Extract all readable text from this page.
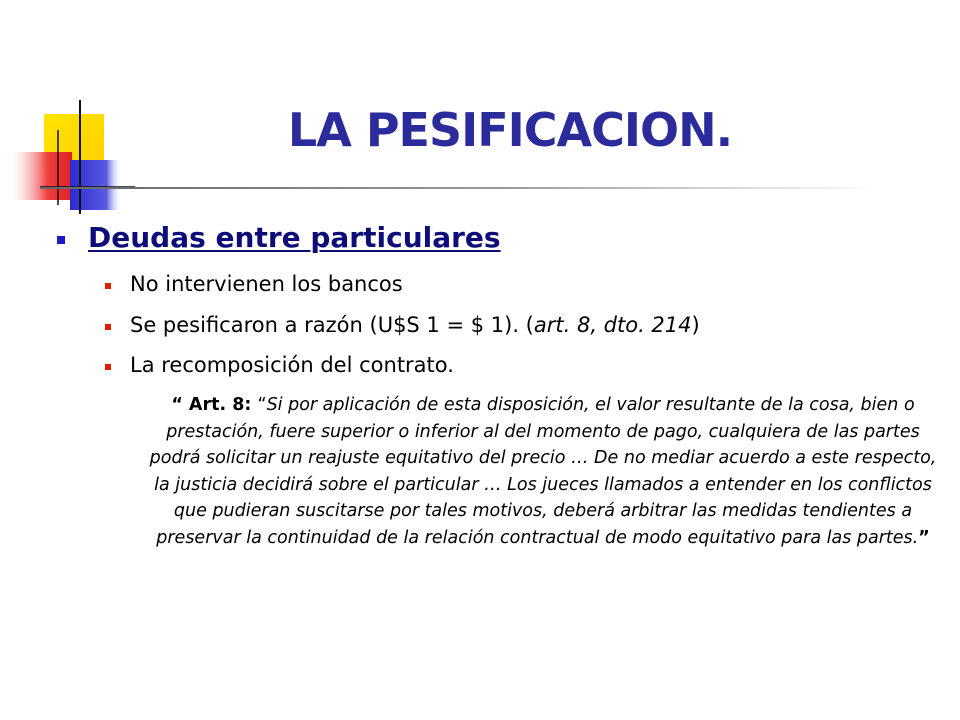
LA PESIFICACION.
Deudas entre particulares
No intervienen los bancos
Se pesificaron a razón (U$S 1 = $ 1). (art. 8, dto. 214)
La recomposición del contrato.
“ Art. 8: “Si por aplicación de esta disposición, el valor resultante de la cosa, bien o prestación, fuere superior o inferior al del momento de pago, cualquiera de las partes podrá solicitar un reajuste equitativo del precio … De no mediar acuerdo a este respecto, la justicia decidirá sobre el particular … Los jueces llamados a entender en los conflictos que pudieran suscitarse por tales motivos, deberá arbitrar las medidas tendientes a preservar la continuidad de la relación contractual de modo equitativo para las partes.”
